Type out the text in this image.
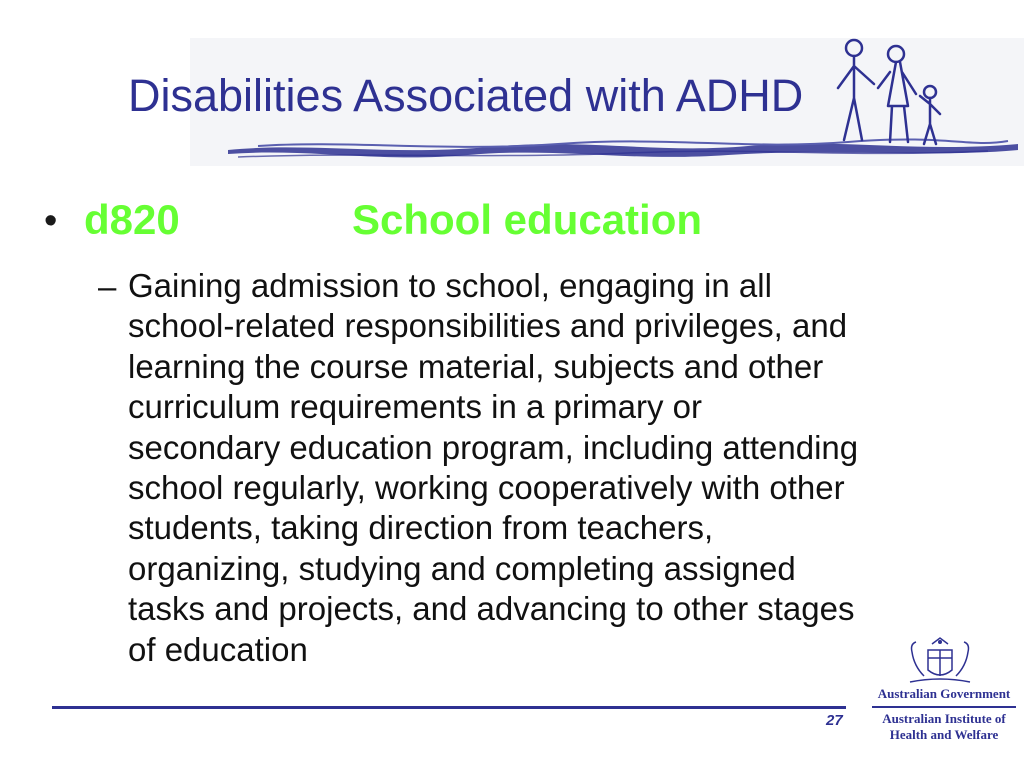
Disabilities Associated with ADHD
• d820	School education
– Gaining admission to school, engaging in all
school-related responsibilities and privileges, and
learning the course material, subjects and other
curriculum requirements in a primary or
secondary education program, including attending
school regularly, working cooperatively with other
students, taking direction from teachers,
organizing, studying and completing assigned
tasks and projects, and advancing to other stages
of education
27
Australian Government
Australian Institute of
Health and Welfare
